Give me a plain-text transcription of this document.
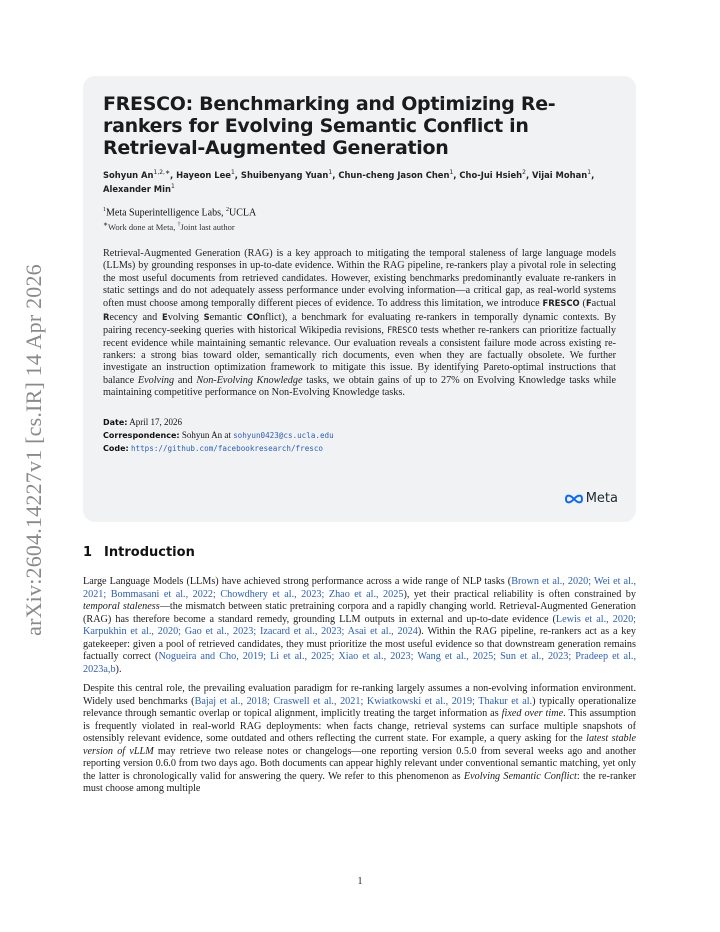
arXiv:2604.14227v1 [cs.IR] 14 Apr 2026
FRESCO: Benchmarking and Optimizing Re-rankers for Evolving Semantic Conflict in Retrieval-Augmented Generation
Sohyun $An^{1,2,∗}$, Hayeon Lee$^1$, Shuibenyang Yuan$^1$, Chun-cheng Jason Chen$^1$, Cho-Jui Hsieh$^2$, Vijai Mohan$^1$, Alexander Min$^1$
$^1$Meta Superintelligence Labs, $^2$UCLA
∗Work done at Meta, †Joint last author
Retrieval-Augmented Generation (RAG) is a key approach to mitigating the temporal staleness of large language models (LLMs) by grounding responses in up-to-date evidence. Within the RAG pipeline, re-rankers play a pivotal role in selecting the most useful documents from retrieved candidates. However, existing benchmarks predominantly evaluate re-rankers in static settings and do not adequately assess performance under evolving information—a critical gap, as real-world systems often must choose among temporally different pieces of evidence. To address this limitation, we introduce FRESCO (Factual Recency and Evolving Semantic COnflict), a benchmark for evaluating re-rankers in temporally dynamic contexts. By pairing recency-seeking queries with historical Wikipedia revisions, FRESCO tests whether re-rankers can prioritize factually recent evidence while maintaining semantic relevance. Our evaluation reveals a consistent failure mode across existing re-rankers: a strong bias toward older, semantically rich documents, even when they are factually obsolete. We further investigate an instruction optimization framework to mitigate this issue. By identifying Pareto-optimal instructions that balance Evolving and Non-Evolving Knowledge tasks, we obtain gains of up to 27% on Evolving Knowledge tasks while maintaining competitive performance on Non-Evolving Knowledge tasks.
Date: April 17, 2026
Correspondence: Sohyun An at sohyun0423@cs.ucla.edu
Code: https://github.com/facebookresearch/fresco
Meta
1 Introduction

Large Language Models (LLMs) have achieved strong performance across a wide range of NLP tasks (Brown et al., 2020; Wei et al., 2021; Bommasani et al., 2022; Chowdhery et al., 2023; Zhao et al., 2025), yet their practical reliability is often constrained by temporal staleness—the mismatch between static pretraining corpora and a rapidly changing world. Retrieval-Augmented Generation (RAG) has therefore become a standard remedy, grounding LLM outputs in external and up-to-date evidence (Lewis et al., 2020; Karpukhin et al., 2020; Gao et al., 2023; Izacard et al., 2023; Asai et al., 2024). Within the RAG pipeline, re-rankers act as a key gatekeeper: given a pool of retrieved candidates, they must prioritize the most useful evidence so that downstream generation remains factually correct (Nogueira and Cho, 2019; Li et al., 2025; Xiao et al., 2023; Wang et al., 2025; Sun et al., 2023; Pradeep et al., 2023a,b).

Despite this central role, the prevailing evaluation paradigm for re-ranking largely assumes a non-evolving information environment. Widely used benchmarks (Bajaj et al., 2018; Craswell et al., 2021; Kwiatkowski et al., 2019; Thakur et al.) typically operationalize relevance through semantic overlap or topical alignment, implicitly treating the target information as fixed over time. This assumption is frequently violated in real-world RAG deployments: when facts change, retrieval systems can surface multiple snapshots of ostensibly relevant evidence, some outdated and others reflecting the current state. For example, a query asking for the latest stable version of vLLM may retrieve two release notes or changelogs—one reporting version 0.5.0 from several weeks ago and another reporting version 0.6.0 from two days ago. Both documents can appear highly relevant under conventional semantic matching, yet only the latter is chronologically valid for answering the query. We refer to this phenomenon as Evolving Semantic Conflict: the re-ranker must choose among multiple

1
